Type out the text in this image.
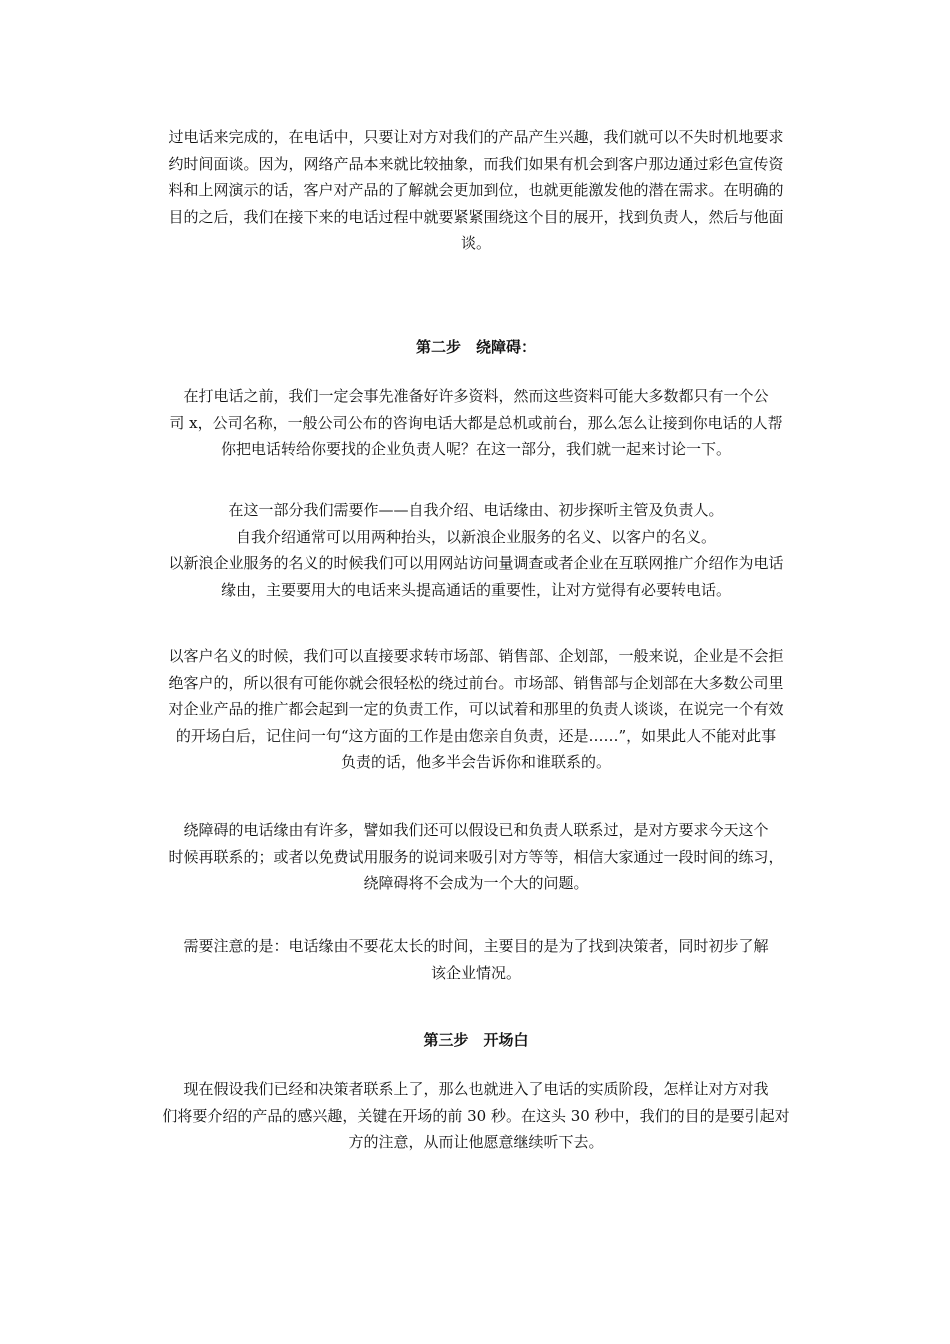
过电话来完成的，在电话中，只要让对方对我们的产品产生兴趣，我们就可以不失时机地要求
约时间面谈。因为，网络产品本来就比较抽象，而我们如果有机会到客户那边通过彩色宣传资
料和上网演示的话，客户对产品的了解就会更加到位，也就更能激发他的潜在需求。在明确的
目的之后，我们在接下来的电话过程中就要紧紧围绕这个目的展开，找到负责人，然后与他面
谈。

第二步　绕障碍：

在打电话之前，我们一定会事先准备好许多资料，然而这些资料可能大多数都只有一个公
司 x，公司名称，一般公司公布的咨询电话大都是总机或前台，那么怎么让接到你电话的人帮
你把电话转给你要找的企业负责人呢？在这一部分，我们就一起来讨论一下。

在这一部分我们需要作——自我介绍、电话缘由、初步探听主管及负责人。
自我介绍通常可以用两种抬头，以新浪企业服务的名义、以客户的名义。
以新浪企业服务的名义的时候我们可以用网站访问量调查或者企业在互联网推广介绍作为电话
缘由，主要要用大的电话来头提高通话的重要性，让对方觉得有必要转电话。

以客户名义的时候，我们可以直接要求转市场部、销售部、企划部，一般来说，企业是不会拒
绝客户的，所以很有可能你就会很轻松的绕过前台。市场部、销售部与企划部在大多数公司里
对企业产品的推广都会起到一定的负责工作，可以试着和那里的负责人谈谈，在说完一个有效
的开场白后，记住问一句“这方面的工作是由您亲自负责，还是……”，如果此人不能对此事
负责的话，他多半会告诉你和谁联系的。

绕障碍的电话缘由有许多，譬如我们还可以假设已和负责人联系过，是对方要求今天这个
时候再联系的；或者以免费试用服务的说词来吸引对方等等，相信大家通过一段时间的练习，
绕障碍将不会成为一个大的问题。

需要注意的是：电话缘由不要花太长的时间，主要目的是为了找到决策者，同时初步了解
该企业情况。

第三步　开场白

现在假设我们已经和决策者联系上了，那么也就进入了电话的实质阶段，怎样让对方对我
们将要介绍的产品的感兴趣，关键在开场的前 30 秒。在这头 30 秒中，我们的目的是要引起对
方的注意，从而让他愿意继续听下去。
